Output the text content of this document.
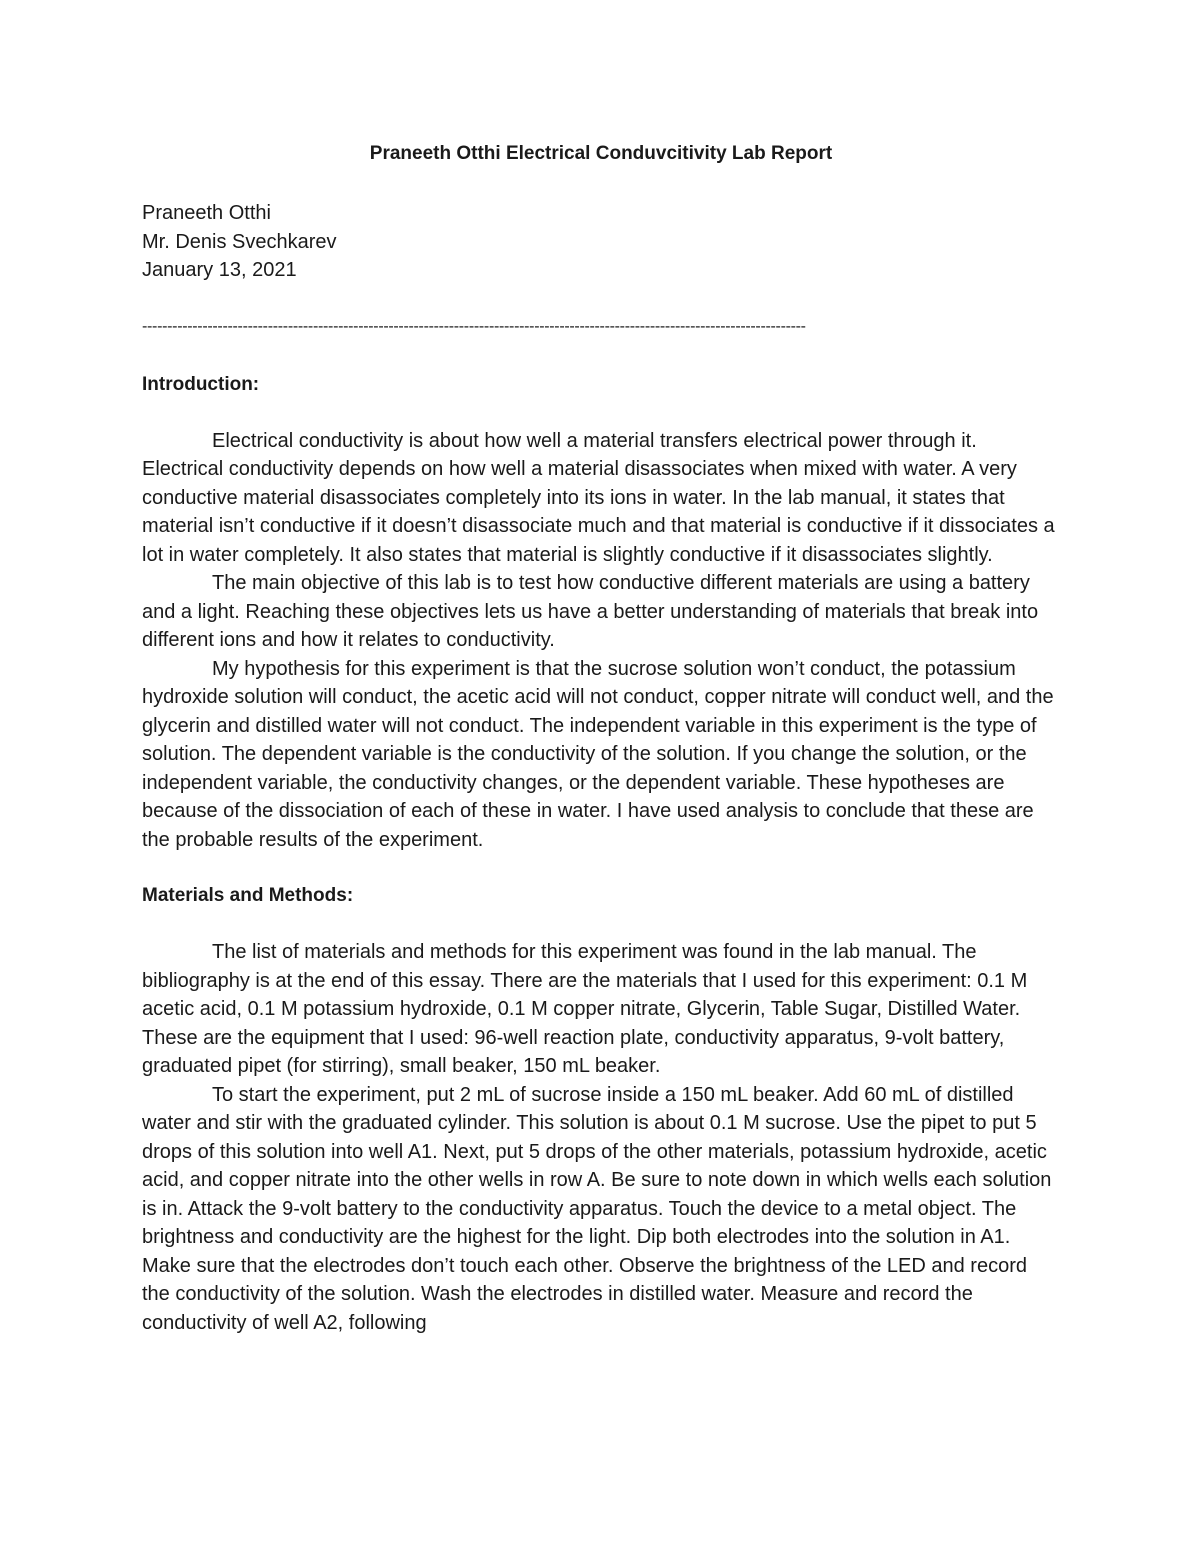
Praneeth Otthi Electrical Conduvcitivity Lab Report

Praneeth Otthi

Mr. Denis Svechkarev

January 13, 2021

------------------------------------------------------------------------------------------------------------------------------------
Introduction:

Electrical conductivity is about how well a material transfers electrical power through it. Electrical conductivity depends on how well a material disassociates when mixed with water. A very conductive material disassociates completely into its ions in water. In the lab manual, it states that material isn’t conductive if it doesn’t disassociate much and that material is conductive if it dissociates a lot in water completely. It also states that material is slightly conductive if it disassociates slightly.

The main objective of this lab is to test how conductive different materials are using a battery and a light. Reaching these objectives lets us have a better understanding of materials that break into different ions and how it relates to conductivity.

My hypothesis for this experiment is that the sucrose solution won’t conduct, the potassium hydroxide solution will conduct, the acetic acid will not conduct, copper nitrate will conduct well, and the glycerin and distilled water will not conduct. The independent variable in this experiment is the type of solution. The dependent variable is the conductivity of the solution. If you change the solution, or the independent variable, the conductivity changes, or the dependent variable. These hypotheses are because of the dissociation of each of these in water. I have used analysis to conclude that these are the probable results of the experiment.

Materials and Methods:

The list of materials and methods for this experiment was found in the lab manual. The bibliography is at the end of this essay. There are the materials that I used for this experiment: 0.1 M acetic acid, 0.1 M potassium hydroxide, 0.1 M copper nitrate, Glycerin, Table Sugar, Distilled Water. These are the equipment that I used: 96-well reaction plate, conductivity apparatus, 9-volt battery, graduated pipet (for stirring), small beaker, 150 mL beaker.

To start the experiment, put 2 mL of sucrose inside a 150 mL beaker. Add 60 mL of distilled water and stir with the graduated cylinder. This solution is about 0.1 M sucrose. Use the pipet to put 5 drops of this solution into well A1. Next, put 5 drops of the other materials, potassium hydroxide, acetic acid, and copper nitrate into the other wells in row A. Be sure to note down in which wells each solution is in. Attack the 9-volt battery to the conductivity apparatus. Touch the device to a metal object. The brightness and conductivity are the highest for the light. Dip both electrodes into the solution in A1. Make sure that the electrodes don’t touch each other. Observe the brightness of the LED and record the conductivity of the solution. Wash the electrodes in distilled water. Measure and record the conductivity of well A2, following
